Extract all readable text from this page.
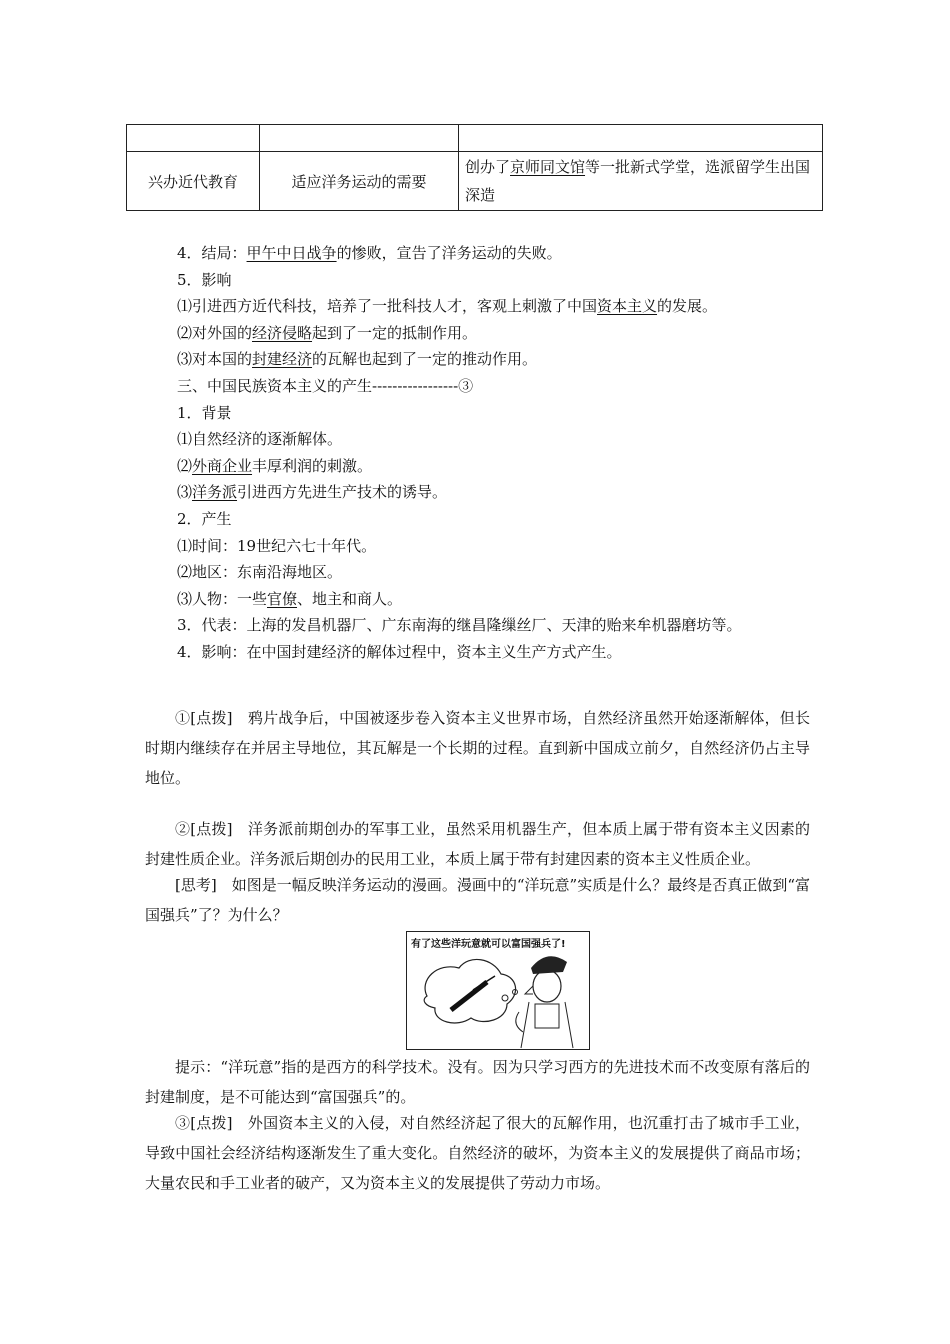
兴办近代教育	适应洋务运动的需要	创办了京师同文馆等一批新式学堂，选派留学生出国深造
4．结局：甲午中日战争的惨败，宣告了洋务运动的失败。
5．影响
⑴引进西方近代科技，培养了一批科技人才，客观上刺激了中国资本主义的发展。
⑵对外国的经济侵略起到了一定的抵制作用。
⑶对本国的封建经济的瓦解也起到了一定的推动作用。
三、中国民族资本主义的产生-----------------③
1．背景
⑴自然经济的逐渐解体。
⑵外商企业丰厚利润的刺激。
⑶洋务派引进西方先进生产技术的诱导。
2．产生
⑴时间：19世纪六七十年代。
⑵地区：东南沿海地区。
⑶人物：一些官僚、地主和商人。
3．代表：上海的发昌机器厂、广东南海的继昌隆缫丝厂、天津的贻来牟机器磨坊等。
4．影响：在中国封建经济的解体过程中，资本主义生产方式产生。
①[点拨]　鸦片战争后，中国被逐步卷入资本主义世界市场，自然经济虽然开始逐渐解体，但长时期内继续存在并居主导地位，其瓦解是一个长期的过程。直到新中国成立前夕，自然经济仍占主导地位。
②[点拨]　洋务派前期创办的军事工业，虽然采用机器生产，但本质上属于带有资本主义因素的封建性质企业。洋务派后期创办的民用工业，本质上属于带有封建因素的资本主义性质企业。
[思考]　如图是一幅反映洋务运动的漫画。漫画中的“洋玩意”实质是什么？最终是否真正做到“富国强兵”了？为什么？
有了这些洋玩意就可以富国强兵了!
提示：“洋玩意”指的是西方的科学技术。没有。因为只学习西方的先进技术而不改变原有落后的封建制度，是不可能达到“富国强兵”的。
③[点拨]　外国资本主义的入侵，对自然经济起了很大的瓦解作用，也沉重打击了城市手工业，导致中国社会经济结构逐渐发生了重大变化。自然经济的破坏，为资本主义的发展提供了商品市场；大量农民和手工业者的破产，又为资本主义的发展提供了劳动力市场。
